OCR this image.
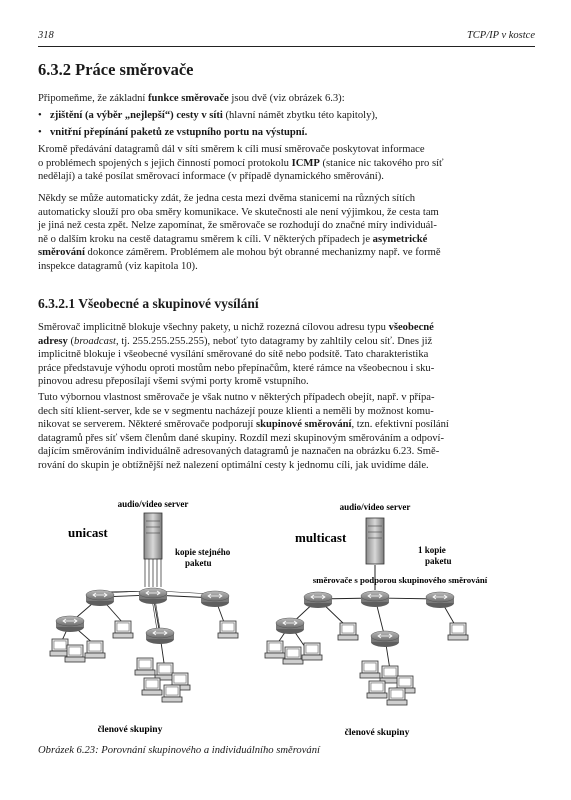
318	TCP/IP v kostce
6.3.2 Práce směrovače
Připomeňme, že základní funkce směrovače jsou dvě (viz obrázek 6.3):
• zjištění (a výběr „nejlepší“) cesty v síti (hlavní námět zbytku této kapitoly),
• vnitřní přepínání paketů ze vstupního portu na výstupní.
Kromě předávání datagramů dál v síti směrem k cíli musí směrovače poskytovat informace
o problémech spojených s jejich činností pomocí protokolu ICMP (stanice nic takového pro síť
nedělají) a také posílat směrovací informace (v případě dynamického směrování).
Někdy se může automaticky zdát, že jedna cesta mezi dvěma stanicemi na různých sítích
automaticky slouží pro oba směry komunikace. Ve skutečnosti ale není výjimkou, že cesta tam
je jiná než cesta zpět. Nelze zapomínat, že směrovače se rozhodují do značné míry individuál-
ně o dalším kroku na cestě datagramu směrem k cíli. V některých případech je asymetrické
směrování dokonce záměrem. Problémem ale mohou být obranné mechanizmy např. ve formě
inspekce datagramů (viz kapitola 10).
6.3.2.1 Všeobecné a skupinové vysílání
Směrovač implicitně blokuje všechny pakety, u nichž rozezná cílovou adresu typu všeobecné
adresy (broadcast, tj. 255.255.255.255), neboť tyto datagramy by zahltily celou síť. Dnes již
implicitně blokuje i všeobecné vysílání směrované do sítě nebo podsítě. Tato charakteristika
práce představuje výhodu oproti mostům nebo přepínačům, které rámce na všeobecnou i sku-
pinovou adresu přeposílají všemi svými porty kromě vstupního.
Tuto výbornou vlastnost směrovače je však nutno v některých případech obejít, např. v přípa-
dech sítí klient-server, kde se v segmentu nacházejí pouze klienti a neměli by možnost komu-
nikovat se serverem. Některé směrovače podporují skupinové směrování, tzn. efektivní posílání
datagramů přes síť všem členům dané skupiny. Rozdíl mezi skupinovým směrováním a odpoví-
dajícím směrováním individuálně adresovaných datagramů je naznačen na obrázku 6.23. Smě-
rování do skupin je obtížnější než nalezení optimální cesty k jednomu cíli, jak uvidíme dále.
audio/video server
unicast
kopie stejného
paketu
členové skupiny
audio/video server
multicast
1 kopie
paketu
směrovače s podporou skupinového směrování
členové skupiny
Obrázek 6.23: Porovnání skupinového a individuálního směrování
